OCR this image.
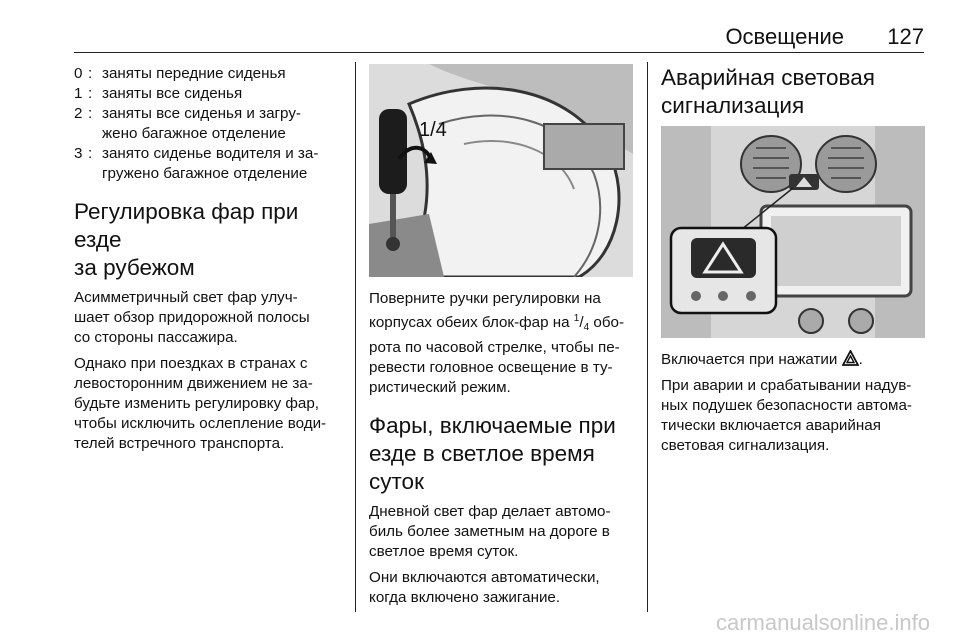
Освещение 127
0 : заняты передние сиденья
1 : заняты все сиденья
2 : заняты все сиденья и загру-
жено багажное отделение
3 : занято сиденье водителя и за-
гружено багажное отделение
Регулировка фар при езде
за рубежом

Асимметричный свет фар улуч-
шает обзор придорожной полосы
со стороны пассажира.

Однако при поездках в странах с
левосторонним движением не за-
будьте изменить регулировку фар,
чтобы исключить ослепление води-
телей встречного транспорта.

1/4

Поверните ручки регулировки на
корпусах обеих блок-фар на $^1/_4$ обо-
рота по часовой стрелке, чтобы пе-
ревести головное освещение в ту-
ристический режим.

Фары, включаемые при
езде в светлое время
суток

Дневной свет фар делает автомо-
биль более заметным на дороге в
светлое время суток.

Они включаются автоматически,
когда включено зажигание.

Аварийная световая
сигнализация

Включается при нажатии .

При аварии и срабатывании надув-
ных подушек безопасности автома-
тически включается аварийная
световая сигнализация.

carmanualsonline.info
